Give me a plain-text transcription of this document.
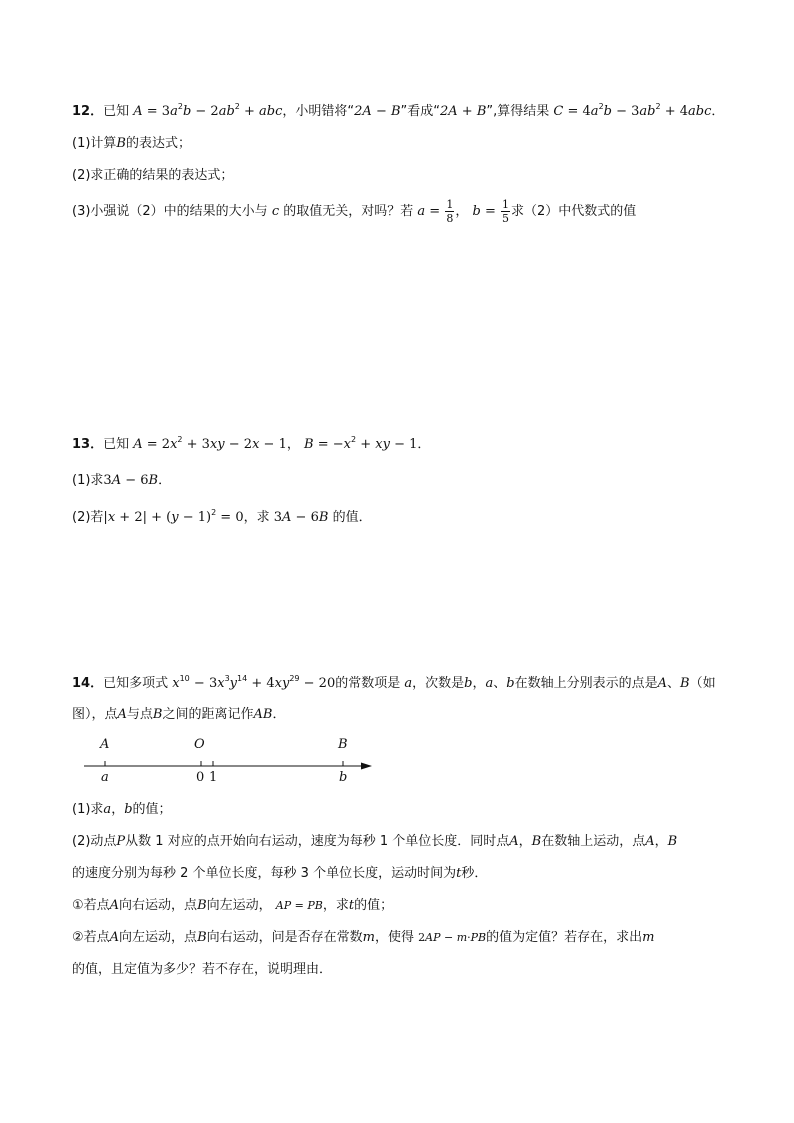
12．已知 $A = 3a^2b - 2ab^2$ + abc，小明错将“2A − B”看成“2A + B”,算得结果 $C = 4a^2b - 3ab^2 + 4abc$．
(1)计算B的表达式；
(2)求正确的结果的表达式；
(3)小强说（2）中的结果的大小与 c 的取值无关，对吗？若 $a = \frac{1}{8}$ ， $b = \frac{1}{5}$ 求（2）中代数式的值
13．已知 $A = 2x^2 + 3xy - 2x - 1$， $B = -x^2$ + xy − 1．
(1)求3A − 6B．
(2)若$|x + 2| + (y - 1)^2 = 0$，求 3A − 6B 的值．
14．已知多项式 $x^{10} - 3x^3y^{14} + 4xy^{29} - 20$的常数项是 a，次数是b，a、b在数轴上分别表示的点是A、B（如
图），点A与点B之间的距离记作AB．
A	O	B
a	0 1	b
(1)求a，b的值；
(2)动点P从数 1 对应的点开始向右运动，速度为每秒 1 个单位长度．同时点A，B在数轴上运动，点A，B
的速度分别为每秒 2 个单位长度，每秒 3 个单位长度，运动时间为t秒．
①若点A向右运动，点B向左运动， AP = PB，求t的值；
②若点A向左运动，点B向右运动，问是否存在常数m，使得 2AP − m·PB的值为定值？若存在，求出m
的值，且定值为多少？若不存在，说明理由．
